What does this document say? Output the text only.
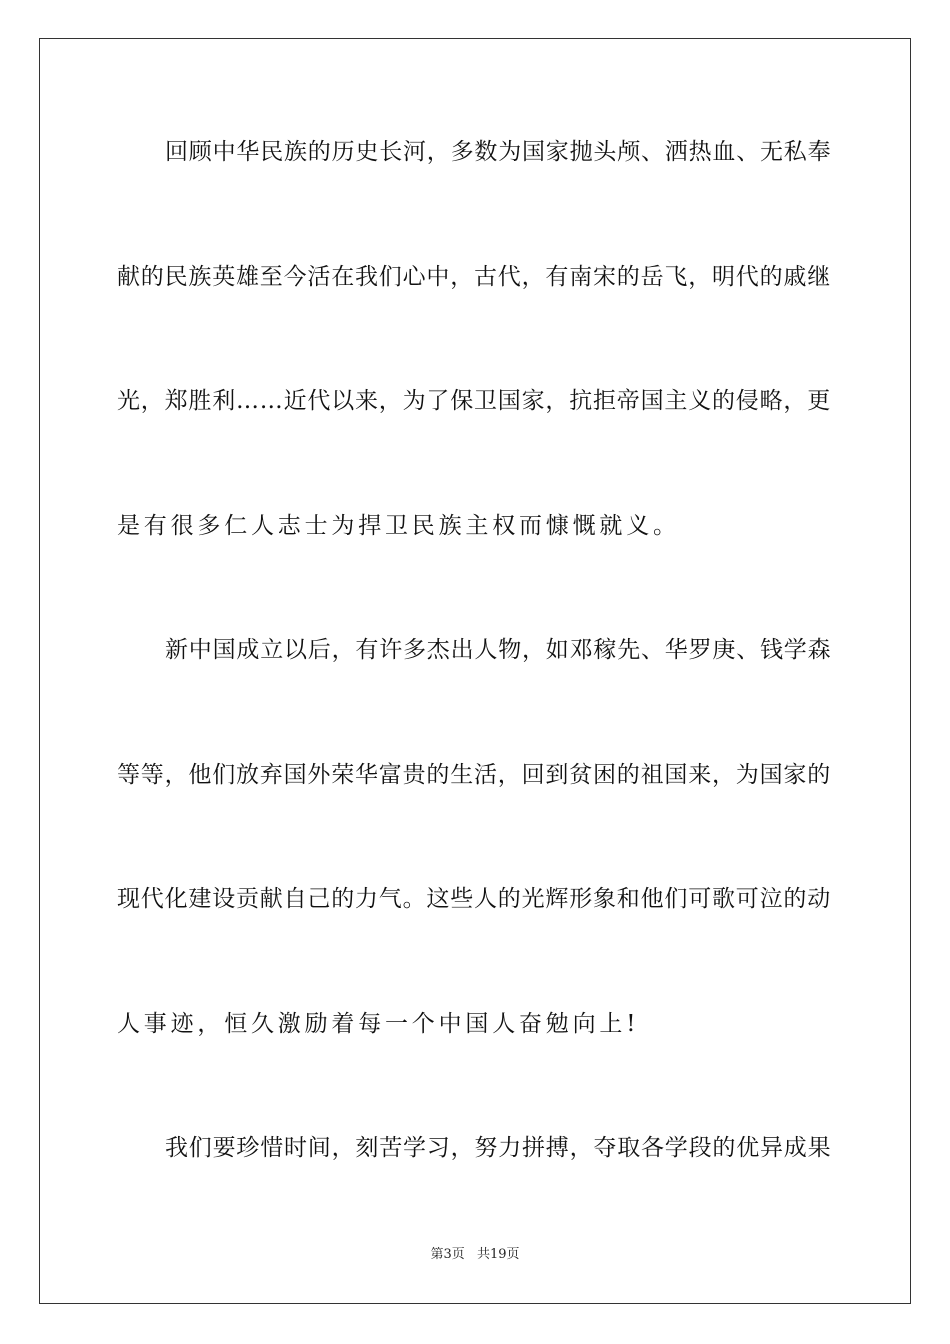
回顾中华民族的历史长河，多数为国家抛头颅、洒热血、无私奉
献的民族英雄至今活在我们心中，古代，有南宋的岳飞，明代的戚继
光，郑胜利……近代以来，为了保卫国家，抗拒帝国主义的侵略，更
是有很多仁人志士为捍卫民族主权而慷慨就义。
新中国成立以后，有许多杰出人物，如邓稼先、华罗庚、钱学森
等等，他们放弃国外荣华富贵的生活，回到贫困的祖国来，为国家的
现代化建设贡献自己的力气。这些人的光辉形象和他们可歌可泣的动
人事迹，恒久激励着每一个中国人奋勉向上!
我们要珍惜时间，刻苦学习，努力拼搏，夺取各学段的优异成果
第3页 共19页
